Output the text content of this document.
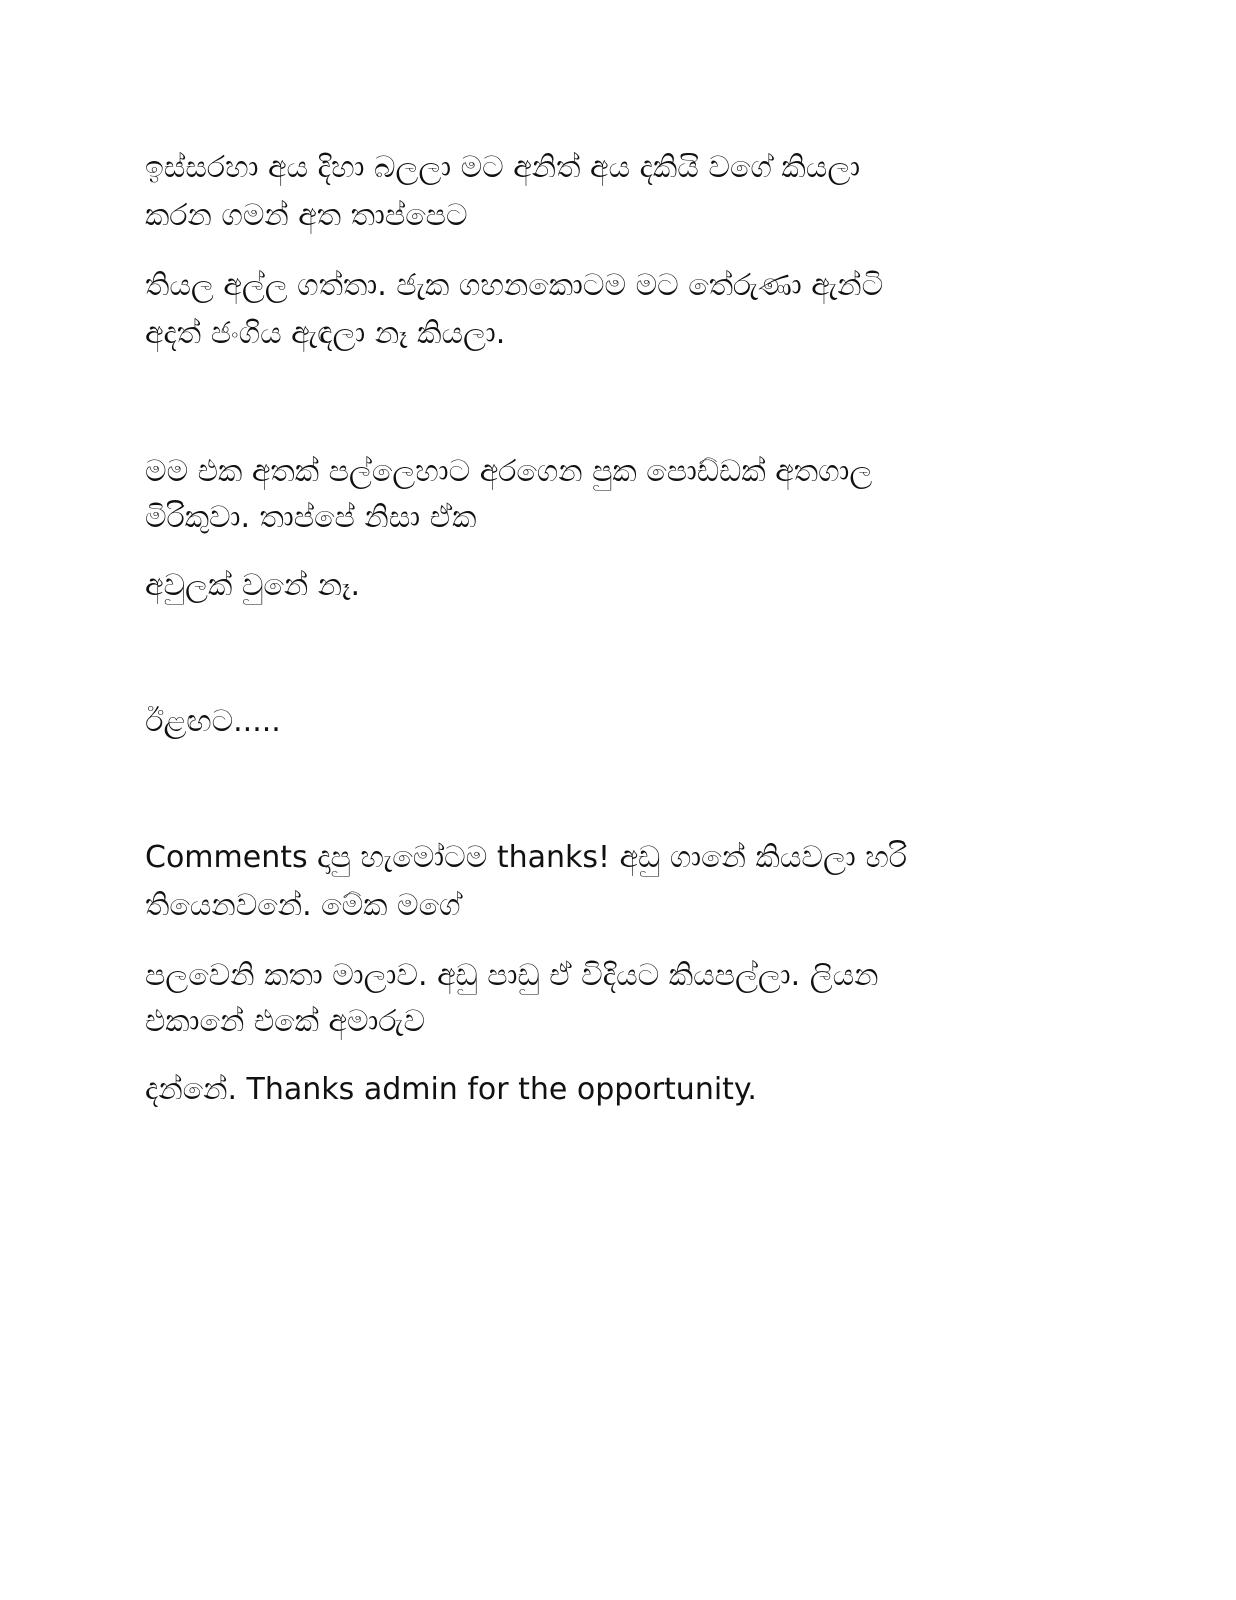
ඉස්සරහා අය දිහා බලලා මට අනිත් අය දකියි වගේ කියලා

කරන ගමන් අත තාප්පෙට

තියල අල්ල ගත්තා. ජැක ගහනකොටම මට තේරුණා ඇන්ටි

අදත් ජංගිය ඇඳලා නෑ කියලා.

මම එක අතක් පල්ලෙහාට අරගෙන පුක පොඩ්ඩක් අතගාල

මිරිකුවා. තාප්පේ නිසා ඒක

අවුලක් වුනේ නෑ.

ඊළඟට.....

Comments දාපු හැමෝටම thanks! අඩු ගානේ කියවලා හරි

තියෙනවනේ. මේක මගේ

පලවෙනි කතා මාලාව. අඩු පාඩු ඒ විදියට කියපල්ලා. ලියන

එකානේ එකේ අමාරුව

දන්නේ. Thanks admin for the opportunity.
